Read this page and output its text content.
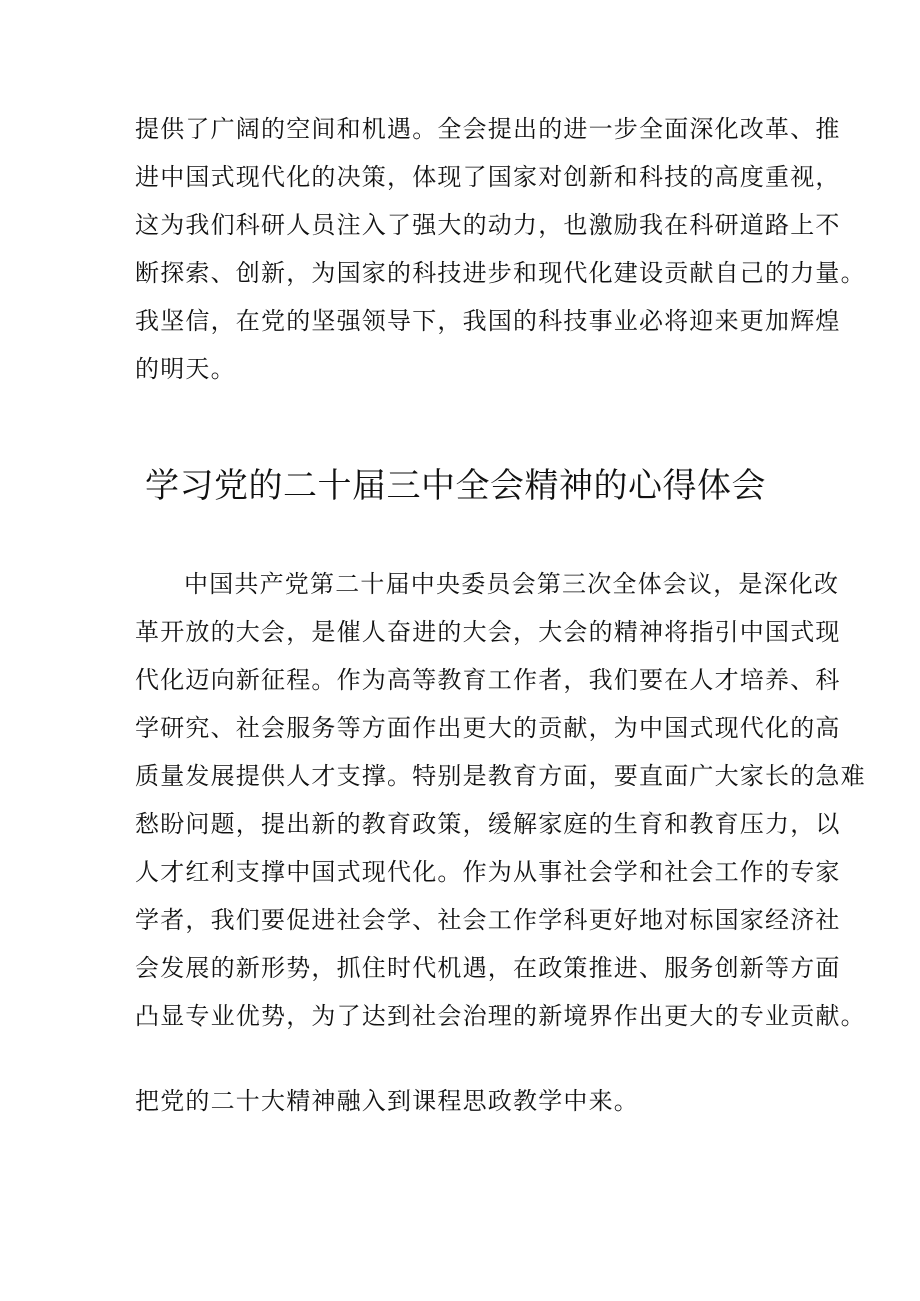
提供了广阔的空间和机遇。全会提出的进一步全面深化改革、推
进中国式现代化的决策，体现了国家对创新和科技的高度重视，
这为我们科研人员注入了强大的动力，也激励我在科研道路上不
断探索、创新，为国家的科技进步和现代化建设贡献自己的力量。
我坚信，在党的坚强领导下，我国的科技事业必将迎来更加辉煌
的明天。
学习党的二十届三中全会精神的心得体会
中国共产党第二十届中央委员会第三次全体会议，是深化改
革开放的大会，是催人奋进的大会，大会的精神将指引中国式现
代化迈向新征程。作为高等教育工作者，我们要在人才培养、科
学研究、社会服务等方面作出更大的贡献，为中国式现代化的高
质量发展提供人才支撑。特别是教育方面，要直面广大家长的急难
愁盼问题，提出新的教育政策，缓解家庭的生育和教育压力，以
人才红利支撑中国式现代化。作为从事社会学和社会工作的专家
学者，我们要促进社会学、社会工作学科更好地对标国家经济社
会发展的新形势，抓住时代机遇，在政策推进、服务创新等方面
凸显专业优势，为了达到社会治理的新境界作出更大的专业贡献。
把党的二十大精神融入到课程思政教学中来。
